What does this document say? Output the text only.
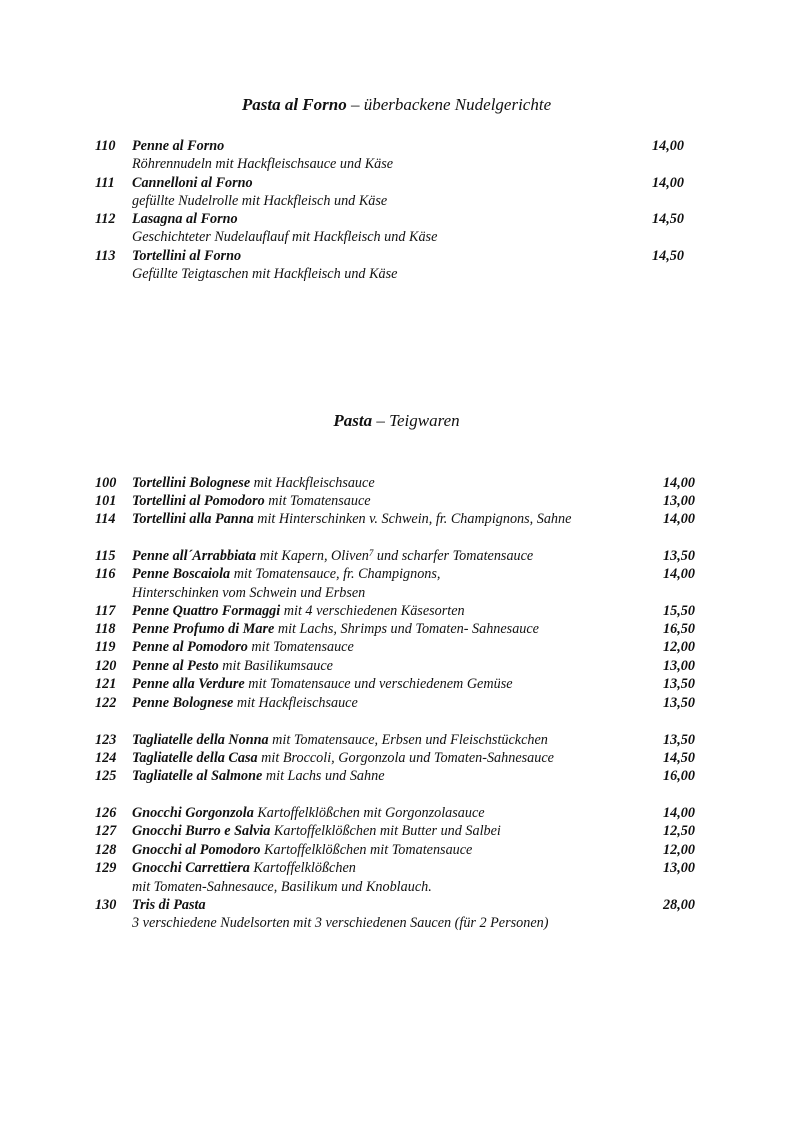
Pasta al Forno – überbackene Nudelgerichte
110 Penne al Forno	14,00
Röhrennudeln mit Hackfleischsauce und Käse
111 Cannelloni al Forno	14,00
gefüllte Nudelrolle mit Hackfleisch und Käse
112 Lasagna al Forno	14,50
Geschichteter Nudelauflauf mit Hackfleisch und Käse
113 Tortellini al Forno	14,50
Gefüllte Teigtaschen mit Hackfleisch und Käse
Pasta – Teigwaren
100 Tortellini Bolognese mit Hackfleischsauce	14,00
101 Tortellini al Pomodoro mit Tomatensauce	13,00
114 Tortellini alla Panna mit Hinterschinken v. Schwein, fr. Champignons, Sahne	14,00
115 Penne all´Arrabbiata mit Kapern, Oliven$^7$ und scharfer Tomatensauce	13,50
116 Penne Boscaiola mit Tomatensauce, fr. Champignons,	14,00
Hinterschinken vom Schwein und Erbsen
117 Penne Quattro Formaggi mit 4 verschiedenen Käsesorten	15,50
118 Penne Profumo di Mare mit Lachs, Shrimps und Tomaten- Sahnesauce	16,50
119 Penne al Pomodoro mit Tomatensauce	12,00
120 Penne al Pesto mit Basilikumsauce	13,00
121 Penne alla Verdure mit Tomatensauce und verschiedenem Gemüse	13,50
122 Penne Bolognese mit Hackfleischsauce	13,50
123 Tagliatelle della Nonna mit Tomatensauce, Erbsen und Fleischstückchen	13,50
124 Tagliatelle della Casa mit Broccoli, Gorgonzola und Tomaten-Sahnesauce	14,50
125 Tagliatelle al Salmone mit Lachs und Sahne	16,00
126 Gnocchi Gorgonzola Kartoffelklößchen mit Gorgonzolasauce	14,00
127 Gnocchi Burro e Salvia Kartoffelklößchen mit Butter und Salbei	12,50
128 Gnocchi al Pomodoro Kartoffelklößchen mit Tomatensauce	12,00
129 Gnocchi Carrettiera Kartoffelklößchen	13,00
mit Tomaten-Sahnesauce, Basilikum und Knoblauch.
130 Tris di Pasta	28,00
3 verschiedene Nudelsorten mit 3 verschiedenen Saucen (für 2 Personen)
